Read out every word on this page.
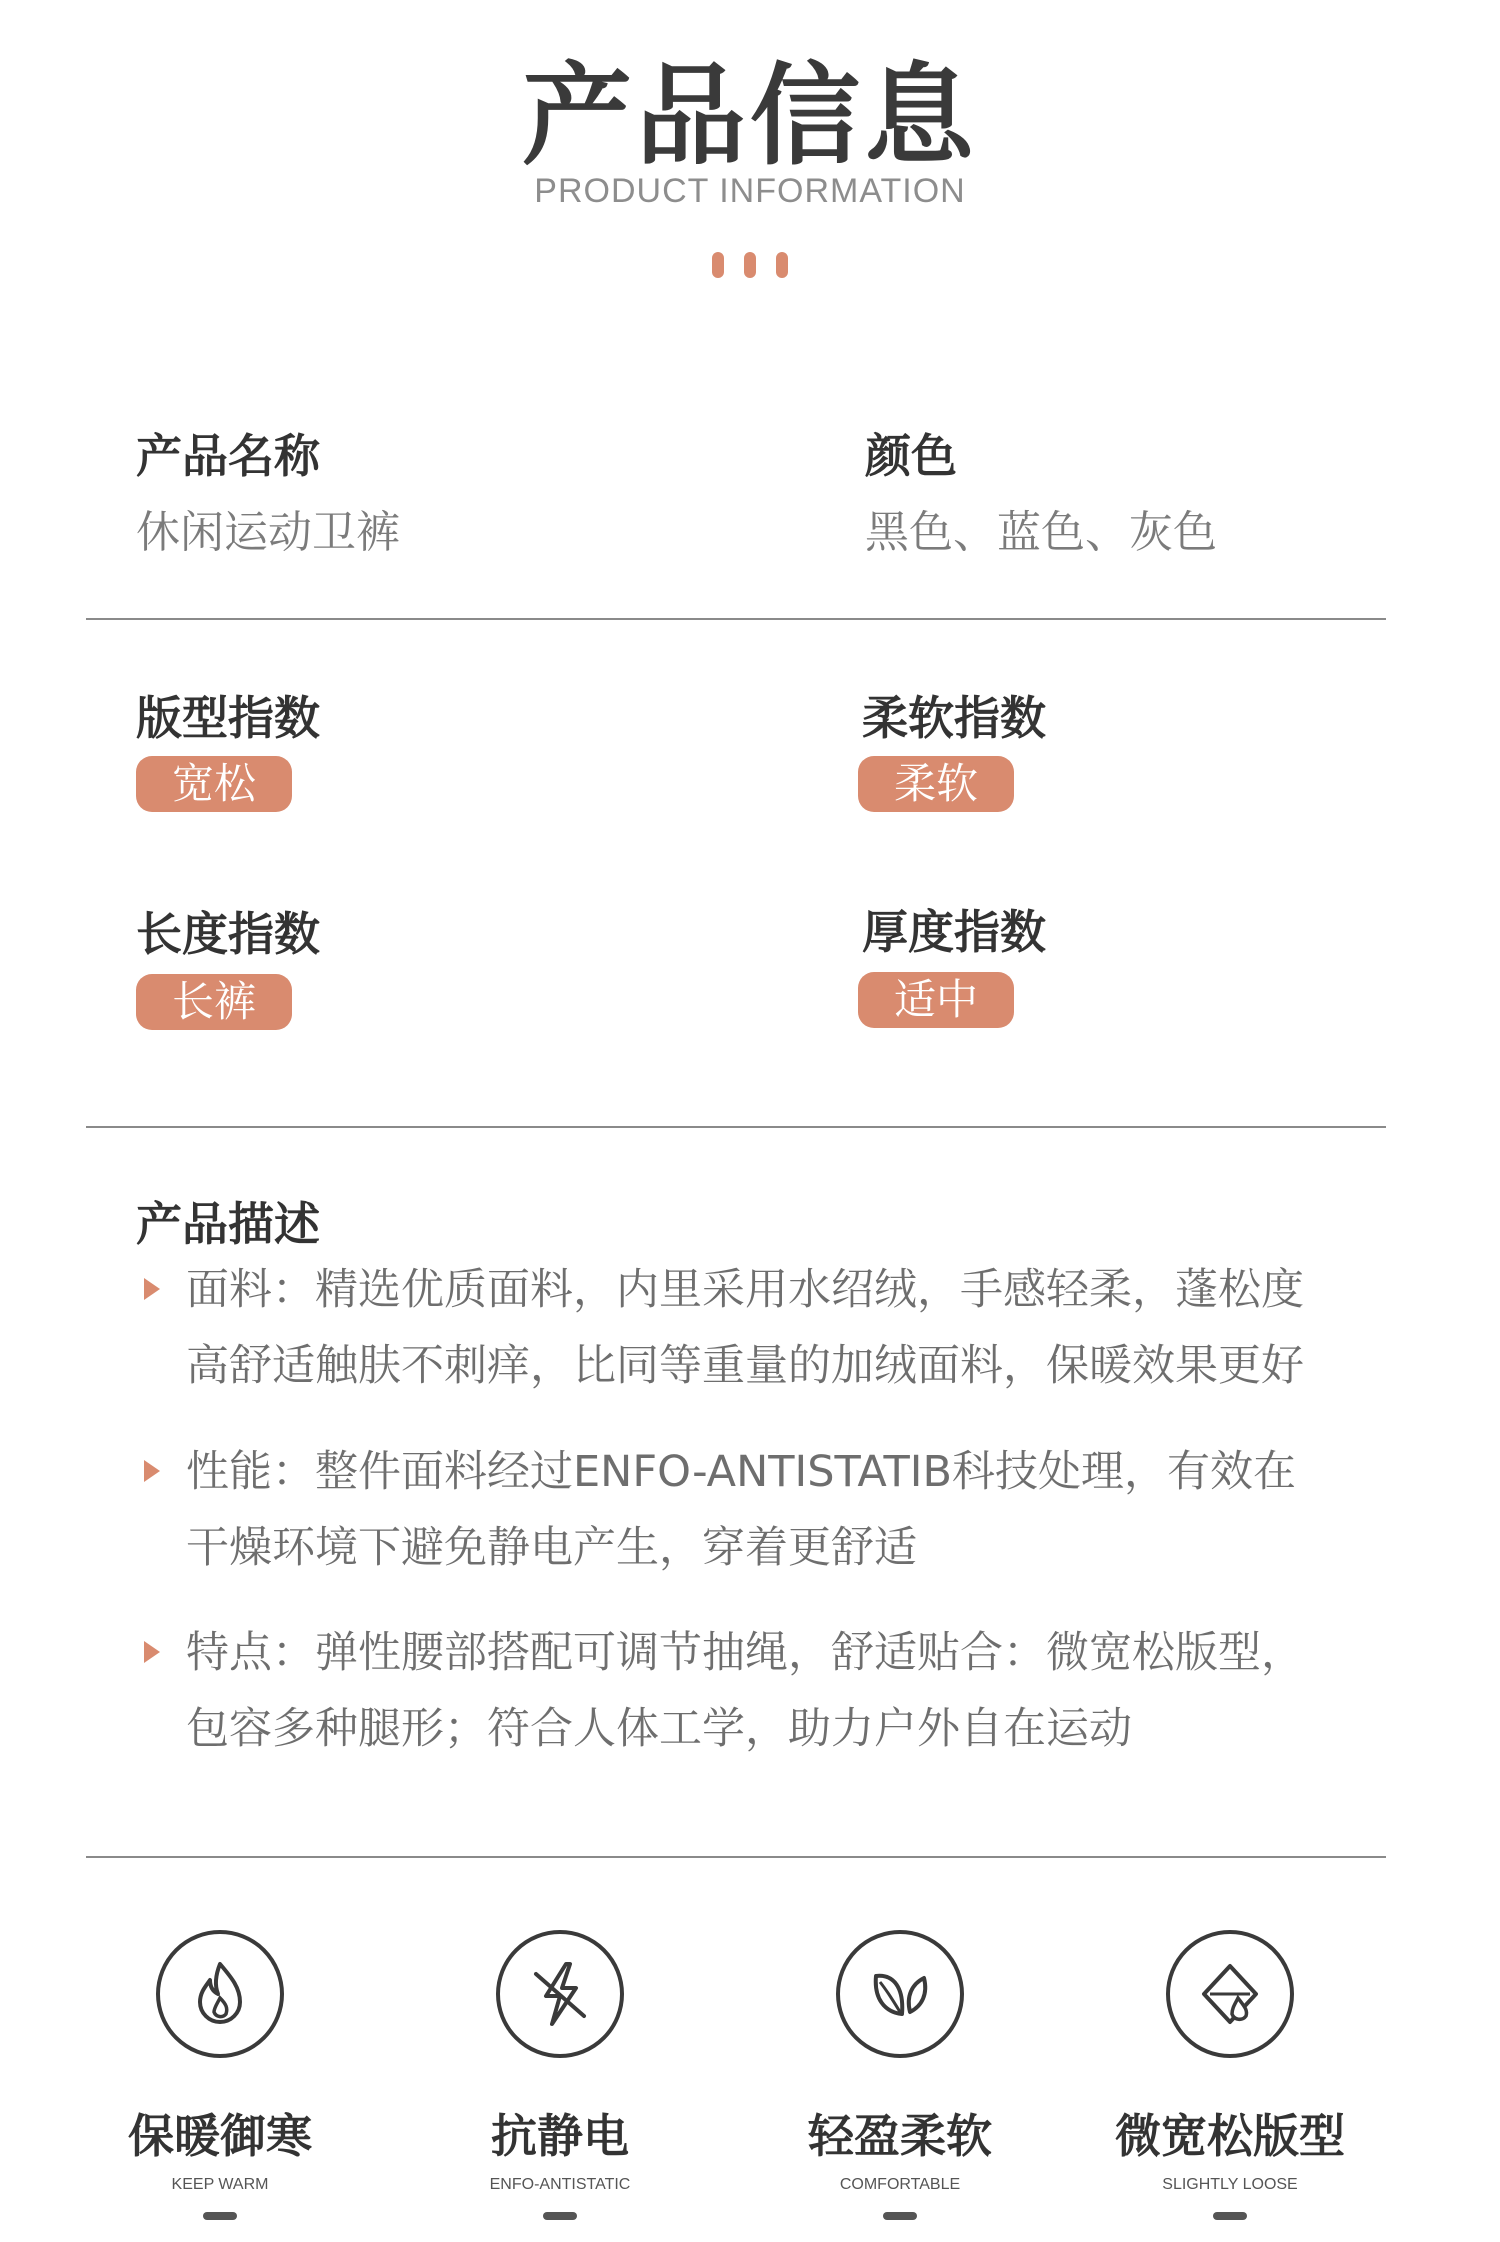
产品信息
PRODUCT INFORMATION
产品名称
休闲运动卫裤
颜色
黑色、蓝色、灰色
版型指数
宽松
柔软指数
柔软
长度指数
长裤
厚度指数
适中
产品描述
面料：精选优质面料，内里采用水绍绒，手感轻柔，蓬松度
高舒适触肤不刺痒，比同等重量的加绒面料，保暖效果更好
性能：整件面料经过ENFO-ANTISTATIB科技处理，有效在
干燥环境下避免静电产生，穿着更舒适
特点：弹性腰部搭配可调节抽绳，舒适贴合：微宽松版型，
包容多种腿形；符合人体工学，助力户外自在运动
保暖御寒
KEEP WARM
抗静电
ENFO-ANTISTATIC
轻盈柔软
COMFORTABLE
微宽松版型
SLIGHTLY LOOSE
